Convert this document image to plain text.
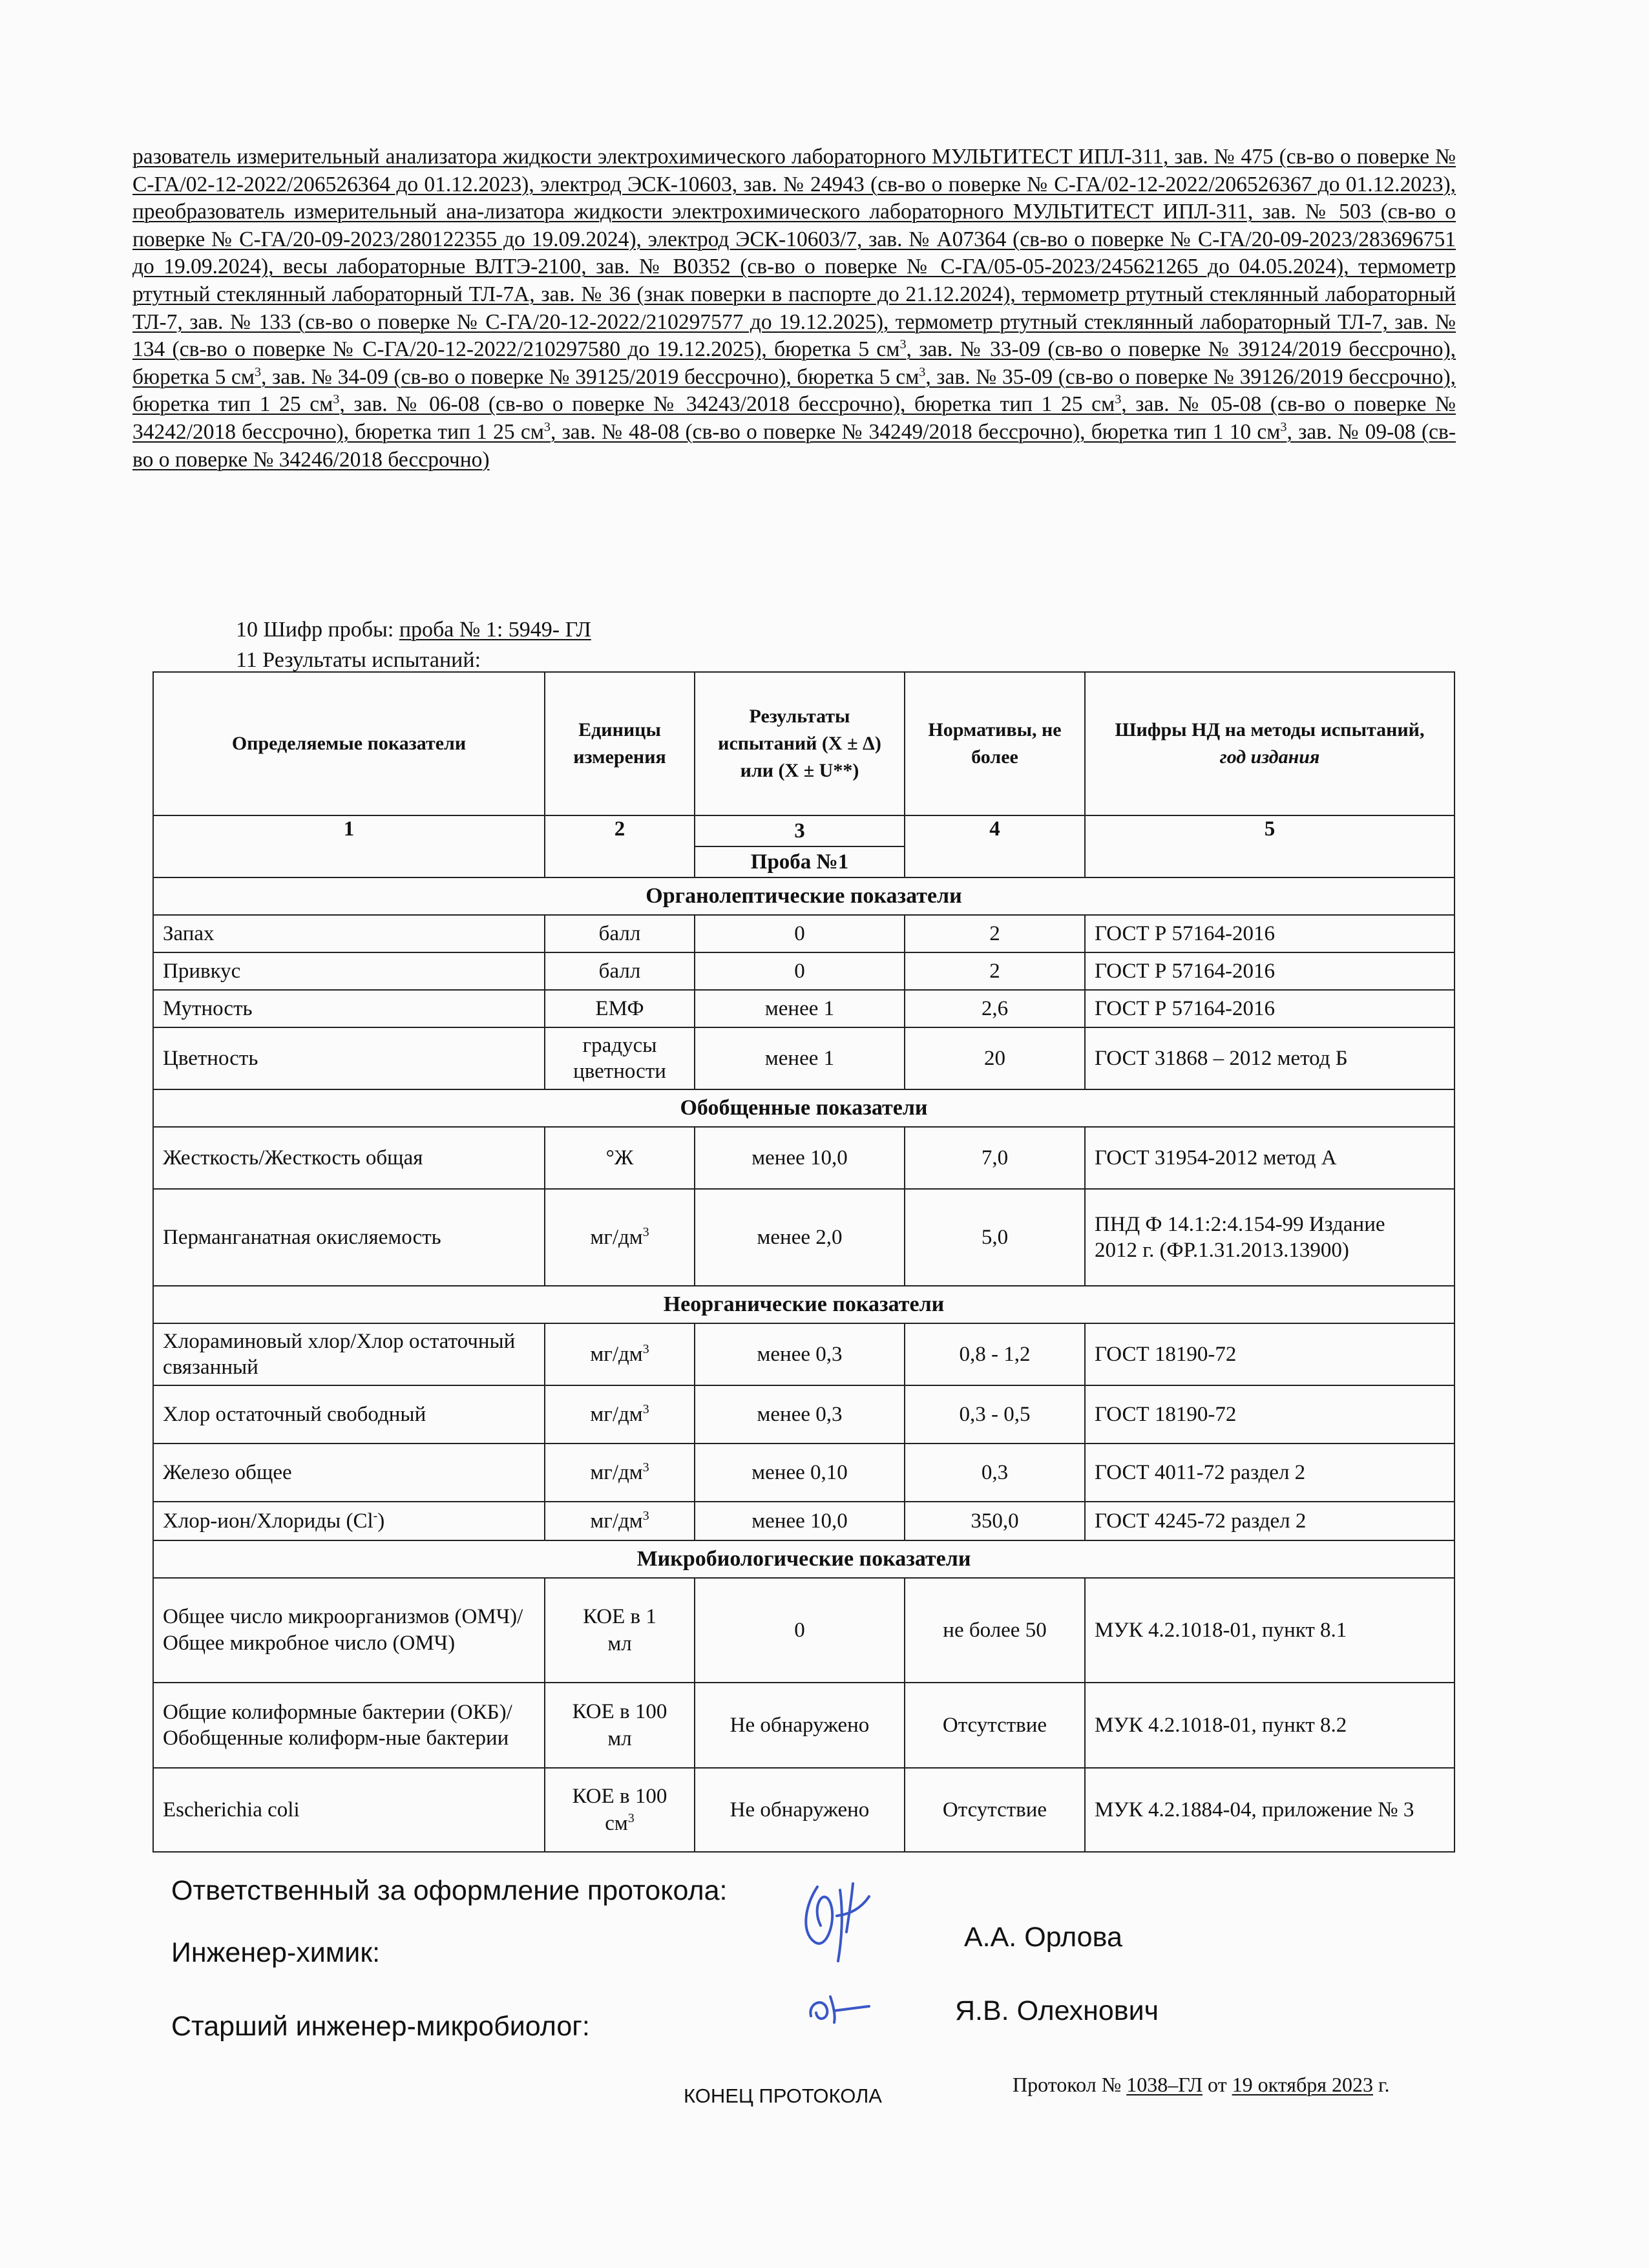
разователь измерительный анализатора жидкости электрохимического лабораторного МУЛЬТИТЕСТ ИПЛ-311, зав. № 475 (св-во о поверке № С-ГА/02-12-2022/206526364 до 01.12.2023), электрод ЭСК-10603, зав. № 24943 (св-во о поверке № С-ГА/02-12-2022/206526367 до 01.12.2023), преобразователь измерительный ана-лизатора жидкости электрохимического лабораторного МУЛЬТИТЕСТ ИПЛ-311, зав. № 503 (св-во о поверке № С-ГА/20-09-2023/280122355 до 19.09.2024), электрод ЭСК-10603/7, зав. № А07364 (св-во о поверке № С-ГА/20-09-2023/283696751 до 19.09.2024), весы лабораторные ВЛТЭ-2100, зав. № В0352 (св-во о поверке № С-ГА/05-05-2023/245621265 до 04.05.2024), термометр ртутный стеклянный лабораторный ТЛ-7А, зав. № 36 (знак поверки в паспорте до 21.12.2024), термометр ртутный стеклянный лабораторный ТЛ-7, зав. № 133 (св-во о поверке № С-ГА/20-12-2022/210297577 до 19.12.2025), термометр ртутный стеклянный лабораторный ТЛ-7, зав. № 134 (св-во о поверке № С-ГА/20-12-2022/210297580 до 19.12.2025), бюретка 5 $см^3$, зав. № 33-09 (св-во о поверке № 39124/2019 бессрочно), бюретка 5 $см^3$, зав. № 34-09 (св-во о поверке № 39125/2019 бессрочно), бюретка 5 $см^3$, зав. № 35-09 (св-во о поверке № 39126/2019 бессрочно), бюретка тип 1 25 $см^3$, зав. № 06-08 (св-во о поверке № 34243/2018 бессрочно), бюретка тип 1 25 $см^3$, зав. № 05-08 (св-во о поверке № 34242/2018 бессрочно), бюретка тип 1 25 $см^3$, зав. № 48-08 (св-во о поверке № 34249/2018 бессрочно), бюретка тип 1 10 $см^3$, зав. № 09-08 (св-во о поверке № 34246/2018 бессрочно)
10 Шифр пробы: проба № 1: 5949- ГЛ
11 Результаты испытаний:
Определяемые показатели	Единицы измерения	Результаты испытаний (Х ± Δ) или (Х ± U**)	Нормативы, не более	Шифры НД на методы испытаний,
год издания
1	2	3	4	5
		Проба №1		
Органолептические показатели				
Запах	балл	0	2	ГОСТ Р 57164-2016
Привкус	балл	0	2	ГОСТ Р 57164-2016
Мутность	ЕМФ	менее 1	2,6	ГОСТ Р 57164-2016
Цветность	градусы цветности	менее 1	20	ГОСТ 31868 – 2012 метод Б
Обобщенные показатели				
Жесткость/Жесткость общая	°Ж	менее 10,0	7,0	ГОСТ 31954-2012 метод А
Перманганатная окисляемость	$мг/дм^3$	менее 2,0	5,0	ПНД Ф 14.1:2:4.154-99 Издание 2012 г. (ФР.1.31.2013.13900)
Неорганические показатели				
Хлораминовый хлор/Хлор остаточный связанный	$мг/дм^3$	менее 0,3	0,8 - 1,2	ГОСТ 18190-72
Хлор остаточный свободный	$мг/дм^3$	менее 0,3	0,3 - 0,5	ГОСТ 18190-72
Железо общее	$мг/дм^3$	менее 0,10	0,3	ГОСТ 4011-72 раздел 2
Хлор-ион/Хлориды (Cl-)	$мг/дм^3$	менее 10,0	350,0	ГОСТ 4245-72 раздел 2
Микробиологические показатели				
Общее число микроорганизмов (ОМЧ)/Общее микробное число (ОМЧ)	КОЕ в 1 мл	0	не более 50	МУК 4.2.1018-01, пункт 8.1
Общие колиформные бактерии (ОКБ)/Обобщенные колиформ-ные бактерии	КОЕ в 100 мл	Не обнаружено	Отсутствие	МУК 4.2.1018-01, пункт 8.2
Escherichia coli	КОЕ в 100 $см^3$	Не обнаружено	Отсутствие	МУК 4.2.1884-04, приложение № 3
Ответственный за оформление протокола:
Инженер-химик:	А.А. Орлова
Старший инженер-микробиолог:	Я.В. Олехнович
КОНЕЦ ПРОТОКОЛА	Протокол № 1038–ГЛ от 19 октября 2023 г.
